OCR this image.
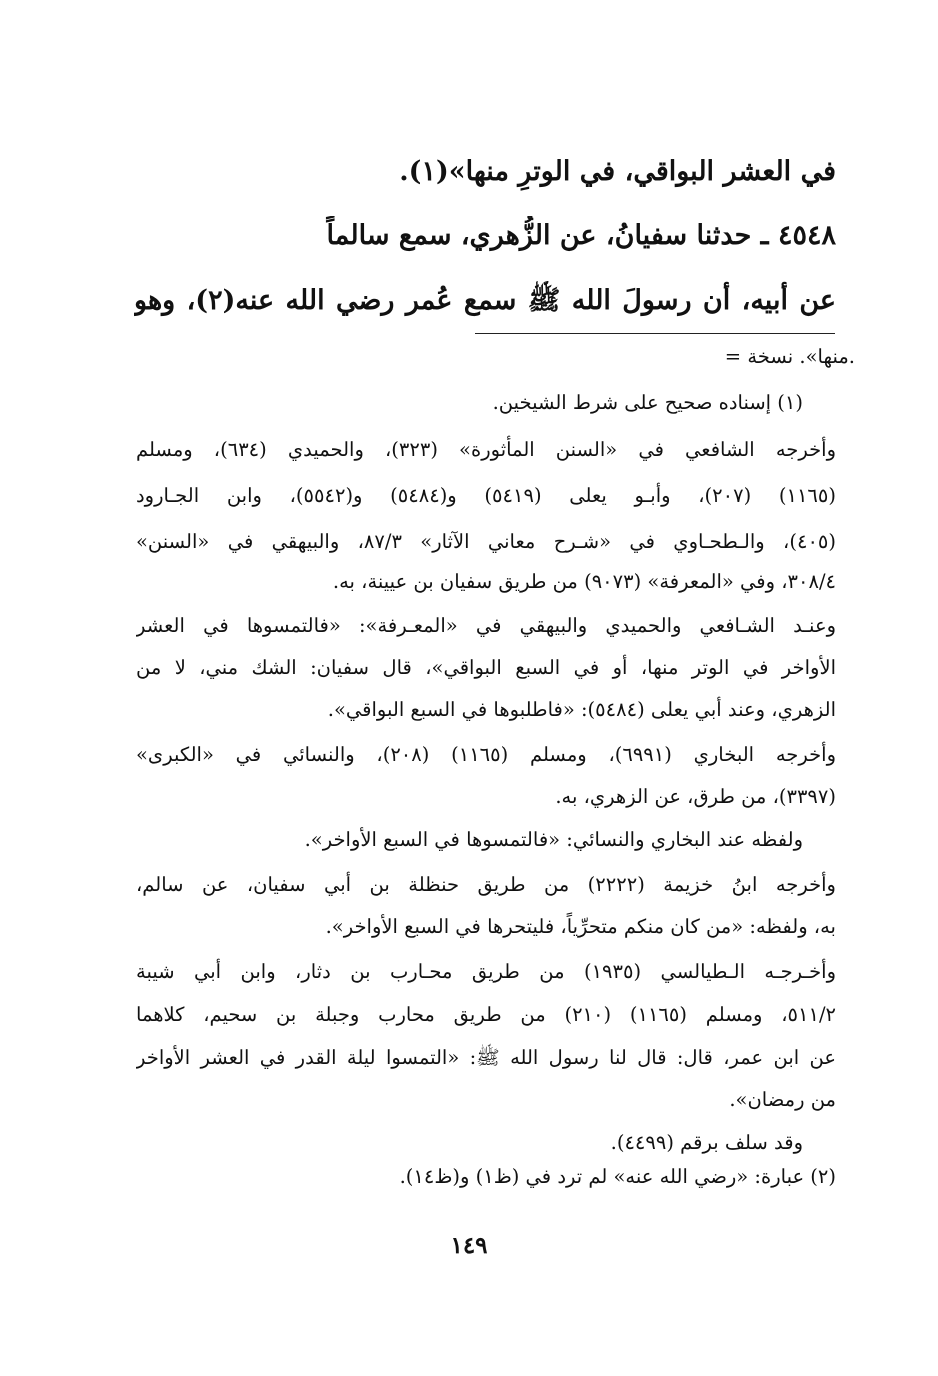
في العشر البواقي، في الوترِ منها»(١).
٤٥٤٨ ـ حدثنا سفيانُ، عن الزُّهري، سمع سالماً
عن أبيه، أن رسولَ الله ﷺ سمع عُمر رضي الله عنه(٢)، وهو
= منها». نسخة.
(١) إسناده صحيح على شرط الشيخين.
وأخرجه الشافعي في «السنن المأثورة» (٣٢٣)، والحميدي (٦٣٤)، ومسلم
(١١٦٥) (٢٠٧)، وأبـو يعلى (٥٤١٩) و(٥٤٨٤) و(٥٥٤٢)، وابن الجـارود
(٤٠٥)، والـطحـاوي في «شـرح معاني الآثار» ٨٧/٣، والبيهقي في «السنن»
٣٠٨/٤، وفي «المعرفة» (٩٠٧٣) من طريق سفيان بن عيينة، به.
وعنـد الشـافعي والحميدي والبيهقي في «المعـرفة»: «فالتمسوها في العشر
الأواخر في الوتر منها، أو في السبع البواقي»، قال سفيان: الشك مني، لا من
الزهري، وعند أبي يعلى (٥٤٨٤): «فاطلبوها في السبع البواقي».
وأخرجه البخاري (٦٩٩١)، ومسلم (١١٦٥) (٢٠٨)، والنسائي في «الكبرى»
(٣٣٩٧)، من طرق، عن الزهري، به.
ولفظه عند البخاري والنسائي: «فالتمسوها في السبع الأواخر».
وأخرجه ابنُ خزيمة (٢٢٢٢) من طريق حنظلة بن أبي سفيان، عن سالم،
به، ولفظه: «من كان منكم متحرِّياً، فليتحرها في السبع الأواخر».
وأخـرجـه الـطيالسي (١٩٣٥) من طريق محـارب بن دثار، وابن أبي شيبة
٥١١/٢، ومسلم (١١٦٥) (٢١٠) من طريق محارب وجبلة بن سحيم، كلاهما
عن ابن عمر، قال: قال لنا رسول الله ﷺ: «التمسوا ليلة القدر في العشر الأواخر
من رمضان».
وقد سلف برقم (٤٤٩٩).
(٢) عبارة: «رضي الله عنه» لم ترد في (ظ١) و(ظ١٤).
١٤٩
